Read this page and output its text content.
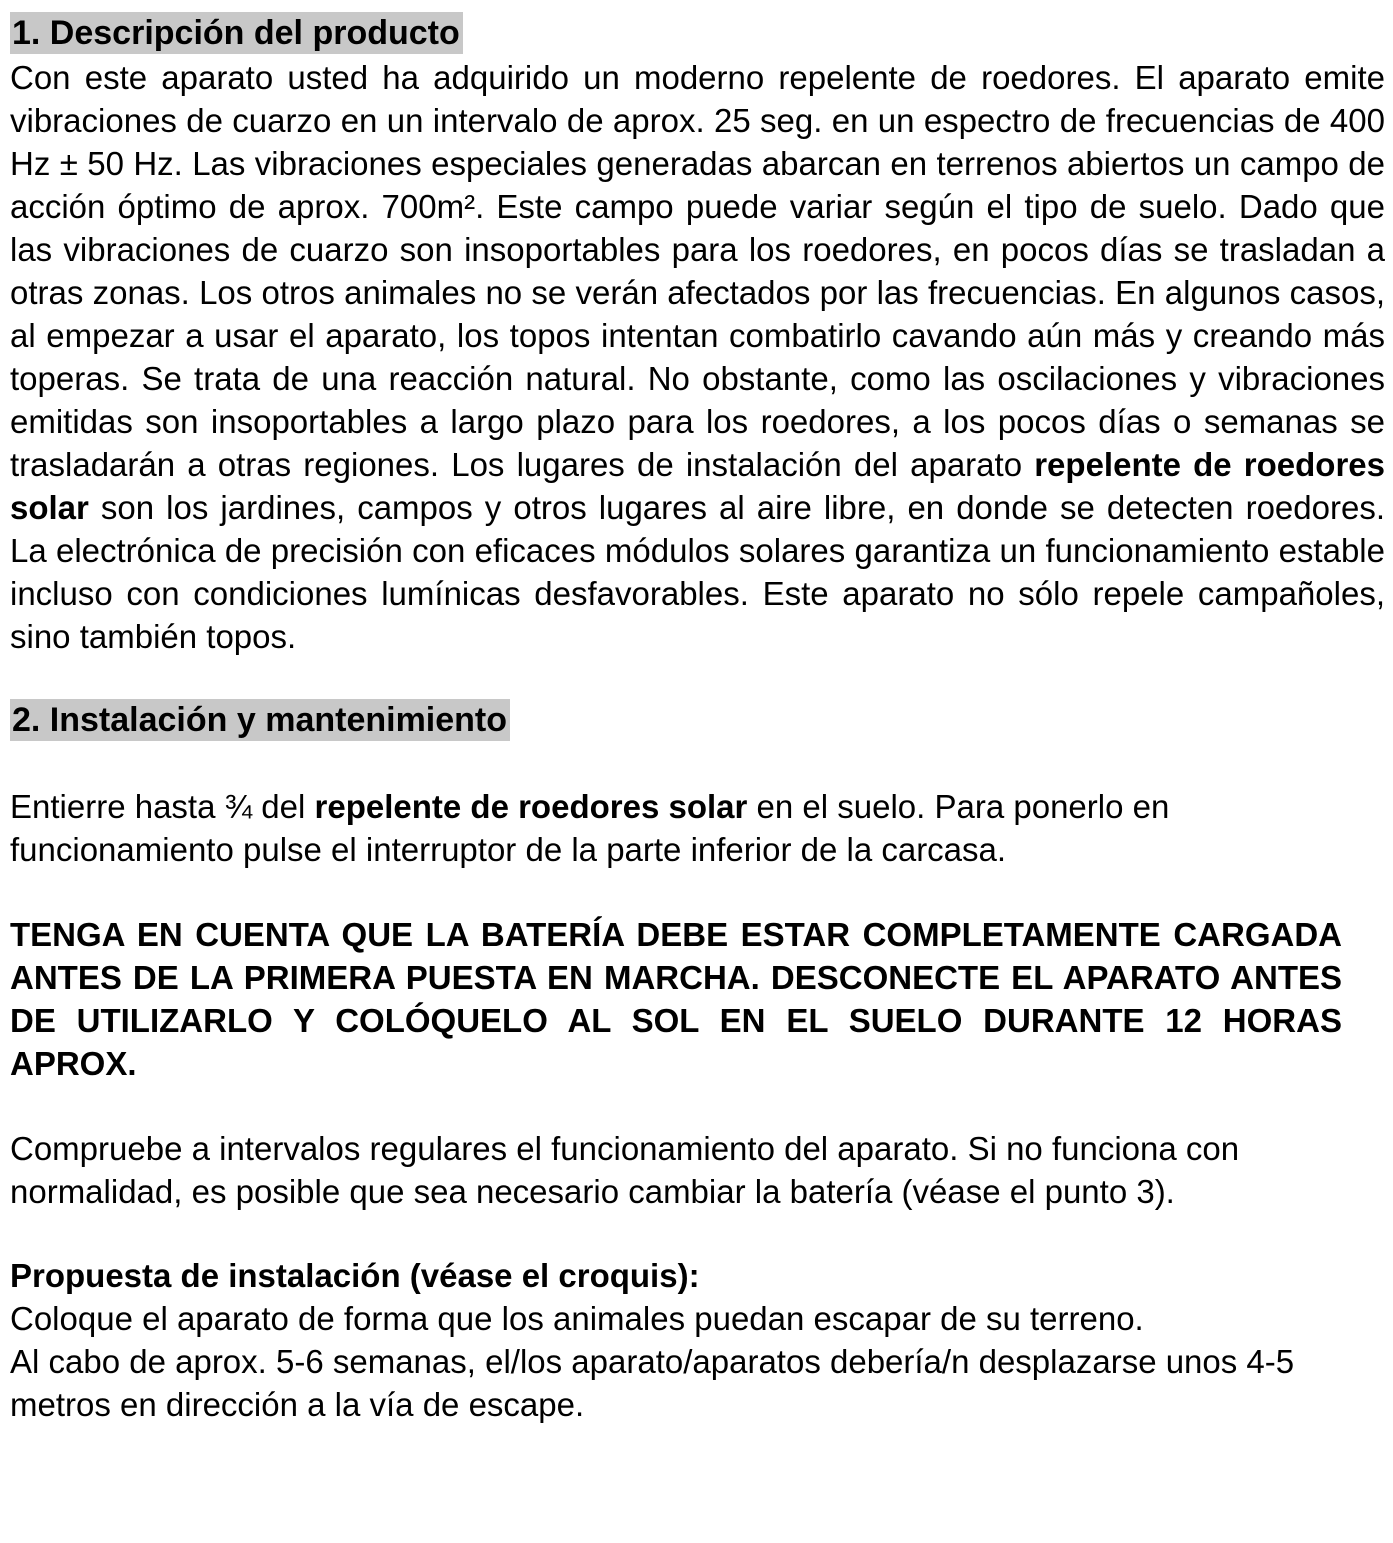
1. Descripción del producto

Con este aparato usted ha adquirido un moderno repelente de roedores. El aparato emite vibraciones de cuarzo en un intervalo de aprox. 25 seg. en un espectro de frecuencias de 400 Hz ± 50 Hz. Las vibraciones especiales generadas abarcan en terrenos abiertos un campo de acción óptimo de aprox. 700m². Este campo puede variar según el tipo de suelo. Dado que las vibraciones de cuarzo son insoportables para los roedores, en pocos días se trasladan a otras zonas. Los otros animales no se verán afectados por las frecuencias. En algunos casos, al empezar a usar el aparato, los topos intentan combatirlo cavando aún más y creando más toperas. Se trata de una reacción natural. No obstante, como las oscilaciones y vibraciones emitidas son insoportables a largo plazo para los roedores, a los pocos días o semanas se trasladarán a otras regiones. Los lugares de instalación del aparato repelente de roedores solar son los jardines, campos y otros lugares al aire libre, en donde se detecten roedores. La electrónica de precisión con eficaces módulos solares garantiza un funcionamiento estable incluso con condiciones lumínicas desfavorables. Este aparato no sólo repele campañoles, sino también topos.

2. Instalación y mantenimiento

Entierre hasta ¾ del repelente de roedores solar en el suelo. Para ponerlo en funcionamiento pulse el interruptor de la parte inferior de la carcasa.

TENGA EN CUENTA QUE LA BATERÍA DEBE ESTAR COMPLETAMENTE CARGADA ANTES DE LA PRIMERA PUESTA EN MARCHA. DESCONECTE EL APARATO ANTES DE UTILIZARLO Y COLÓQUELO AL SOL EN EL SUELO DURANTE 12 HORAS APROX.

Compruebe a intervalos regulares el funcionamiento del aparato. Si no funciona con normalidad, es posible que sea necesario cambiar la batería (véase el punto 3).

Propuesta de instalación (véase el croquis):

Coloque el aparato de forma que los animales puedan escapar de su terreno.

Al cabo de aprox. 5-6 semanas, el/los aparato/aparatos debería/n desplazarse unos 4-5 metros en dirección a la vía de escape.
